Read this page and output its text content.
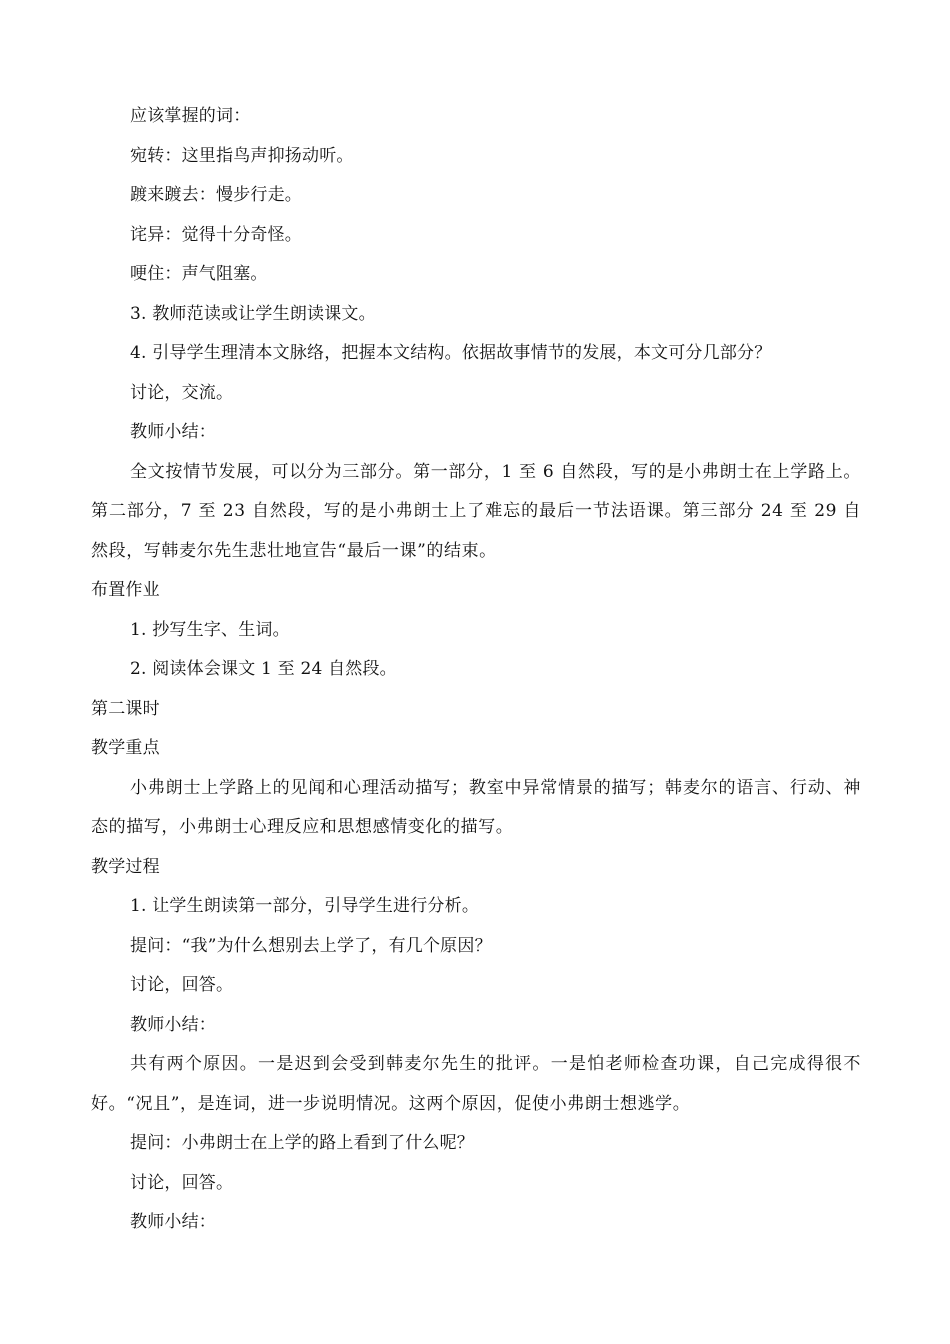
应该掌握的词：
宛转：这里指鸟声抑扬动听。
踱来踱去：慢步行走。
诧异：觉得十分奇怪。
哽住：声气阻塞。
3. 教师范读或让学生朗读课文。
4. 引导学生理清本文脉络，把握本文结构。依据故事情节的发展，本文可分几部分？
讨论，交流。
教师小结：
全文按情节发展，可以分为三部分。第一部分，1 至 6 自然段，写的是小弗朗士在上学路上。第二部分，7 至 23 自然段，写的是小弗朗士上了难忘的最后一节法语课。第三部分 24 至 29 自然段，写韩麦尔先生悲壮地宣告“最后一课”的结束。
布置作业
1. 抄写生字、生词。
2. 阅读体会课文 1 至 24 自然段。
第二课时
教学重点
小弗朗士上学路上的见闻和心理活动描写；教室中异常情景的描写；韩麦尔的语言、行动、神态的描写，小弗朗士心理反应和思想感情变化的描写。
教学过程
1. 让学生朗读第一部分，引导学生进行分析。
提问：“我”为什么想别去上学了，有几个原因？
讨论，回答。
教师小结：
共有两个原因。一是迟到会受到韩麦尔先生的批评。一是怕老师检查功课，自己完成得很不好。“况且”，是连词，进一步说明情况。这两个原因，促使小弗朗士想逃学。
提问：小弗朗士在上学的路上看到了什么呢？
讨论，回答。
教师小结：
